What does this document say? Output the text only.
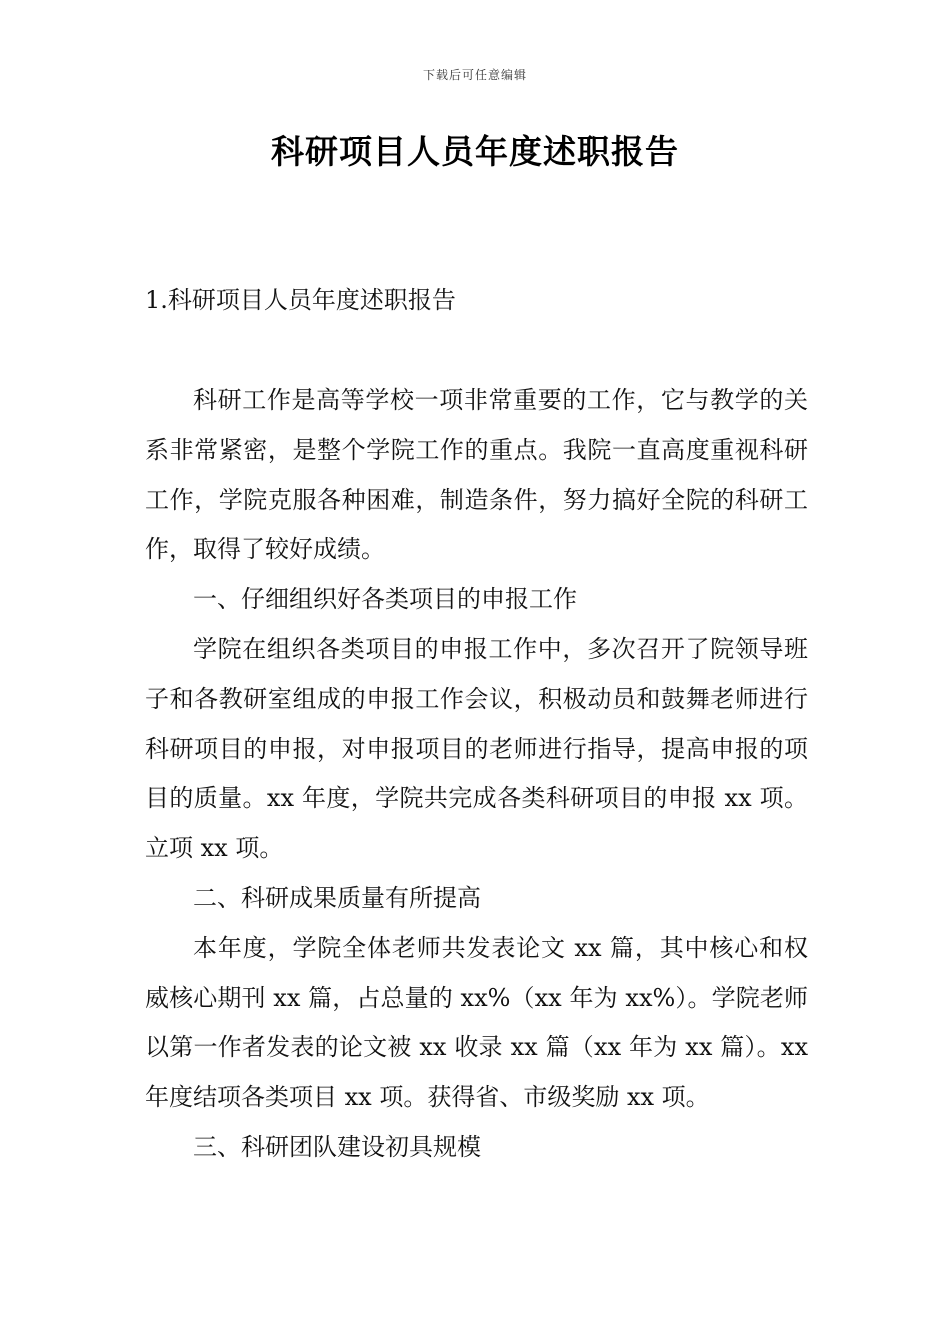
下载后可任意编辑
科研项目人员年度述职报告
1.科研项目人员年度述职报告

科研工作是高等学校一项非常重要的工作，它与教学的关系非常紧密，是整个学院工作的重点。我院一直高度重视科研工作，学院克服各种困难，制造条件，努力搞好全院的科研工作，取得了较好成绩。

一、仔细组织好各类项目的申报工作

学院在组织各类项目的申报工作中，多次召开了院领导班子和各教研室组成的申报工作会议，积极动员和鼓舞老师进行科研项目的申报，对申报项目的老师进行指导，提高申报的项目的质量。xx 年度，学院共完成各类科研项目的申报 xx 项。立项 xx 项。

二、科研成果质量有所提高

本年度，学院全体老师共发表论文 xx 篇，其中核心和权威核心期刊 xx 篇，占总量的 xx%（xx 年为 xx%）。学院老师以第一作者发表的论文被 xx 收录 xx 篇（xx 年为 xx 篇）。xx 年度结项各类项目 xx 项。获得省、市级奖励 xx 项。

三、科研团队建设初具规模
